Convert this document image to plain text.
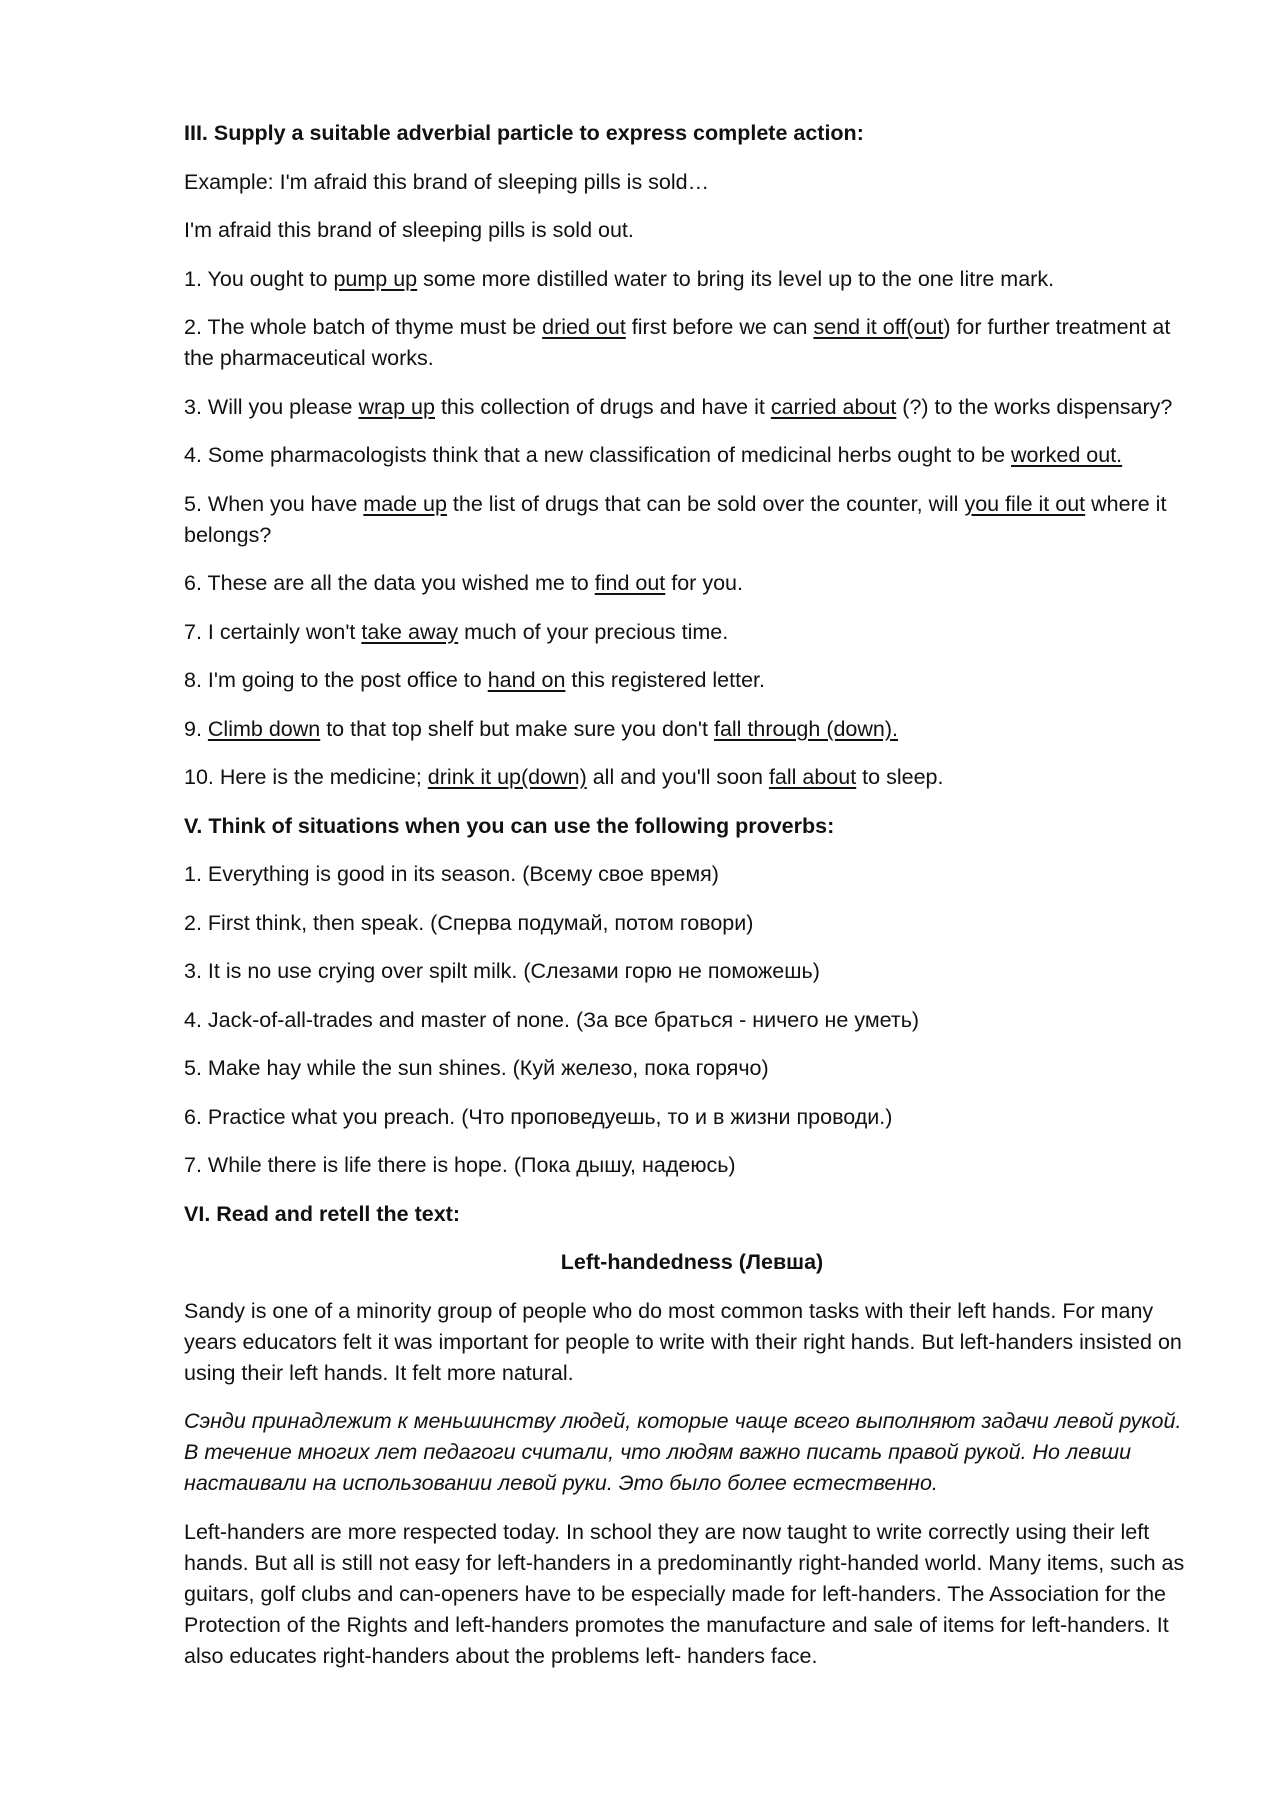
III. Supply a suitable adverbial particle to express complete action:

Example: I'm afraid this brand of sleeping pills is sold…

I'm afraid this brand of sleeping pills is sold out.

1. You ought to pump up some more distilled water to bring its level up to the one litre mark.

2. The whole batch of thyme must be dried out first before we can send it off(out) for further treatment at the pharmaceutical works.

3. Will you please wrap up this collection of drugs and have it carried about (?) to the works dispensary?

4. Some pharmacologists think that a new classification of medicinal herbs ought to be worked out.

5. When you have made up the list of drugs that can be sold over the counter, will you file it out where it belongs?

6. These are all the data you wished me to find out for you.

7. I certainly won't take away much of your precious time.

8. I'm going to the post office to hand on this registered letter.

9. Climb down to that top shelf but make sure you don't fall through (down).

10. Here is the medicine; drink it up(down) all and you'll soon fall about to sleep.

V. Think of situations when you can use the following proverbs:

1. Everything is good in its season. (Всему свое время)

2. First think, then speak. (Сперва подумай, потом говори)

3. It is no use crying over spilt milk. (Слезами горю не поможешь)

4. Jack-of-all-trades and master of none. (За все браться - ничего не уметь)

5. Make hay while the sun shines. (Куй железо, пока горячо)

6. Practice what you preach. (Что проповедуешь, то и в жизни проводи.)

7. While there is life there is hope. (Пока дышу, надеюсь)

VI. Read and retell the text:

Left-handedness (Левша)

Sandy is one of a minority group of people who do most common tasks with their left hands. For many years educators felt it was important for people to write with their right hands. But left-handers insisted on using their left hands. It felt more natural.

Сэнди принадлежит к меньшинству людей, которые чаще всего выполняют задачи левой рукой. В течение многих лет педагоги считали, что людям важно писать правой рукой. Но левши настаивали на использовании левой руки. Это было более естественно.

Left-handers are more respected today. In school they are now taught to write correctly using their left hands. But all is still not easy for left-handers in a predominantly right-handed world. Many items, such as guitars, golf clubs and can-openers have to be especially made for left-handers. The Association for the Protection of the Rights and left-handers promotes the manufacture and sale of items for left-handers. It also educates right-handers about the problems left- handers face.
